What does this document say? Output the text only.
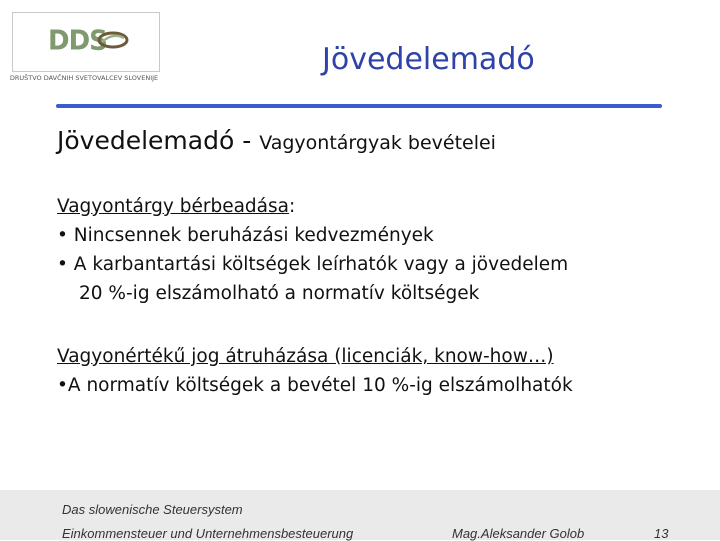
DDS
DRUŠTVO DAVČNIH SVETOVALCEV SLOVENIJE
Jövedelemadó
Jövedelemadó - Vagyontárgyak bevételei
Vagyontárgy bérbeadása:
• Nincsennek beruházási kedvezmények
• A karbantartási költségek leírhatók vagy a jövedelem
20 %-ig elszámolható a normatív költségek
Vagyonértékű jog átruházása (licenciák, know-how…)
•A normatív költségek a bevétel 10 %-ig elszámolhatók
Das slowenische Steuersystem
Einkommensteuer und Unternehmensbesteuerung	Mag.Aleksander Golob	13
